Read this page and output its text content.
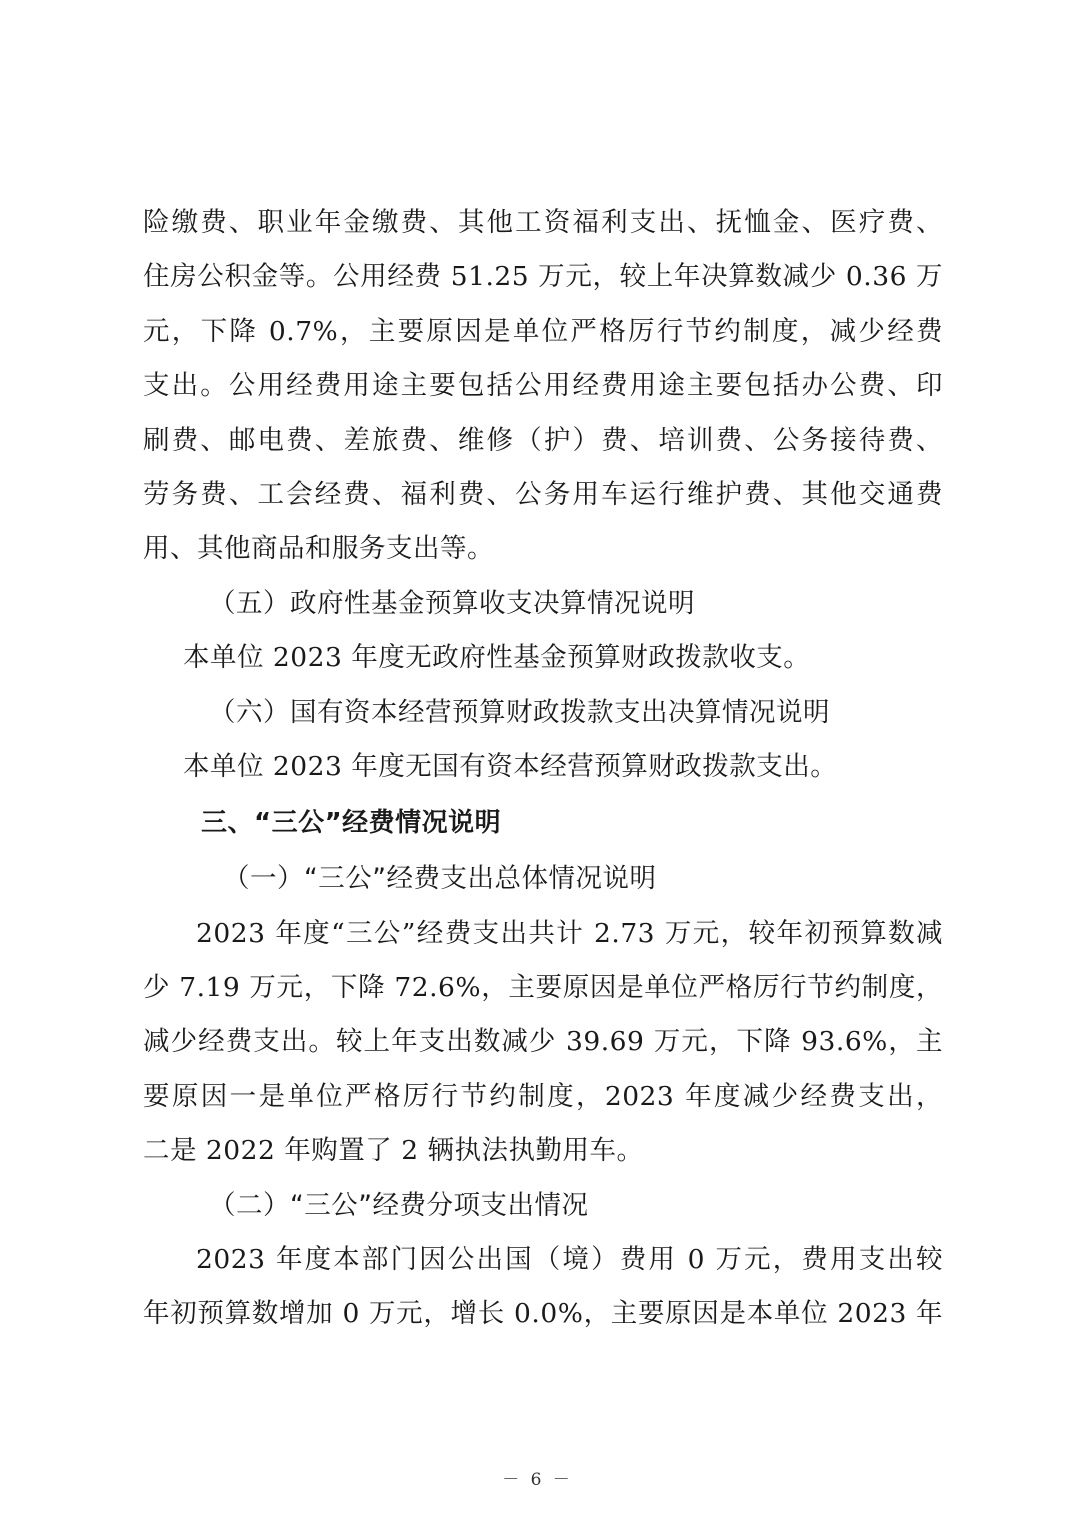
险缴费、职业年金缴费、其他工资福利支出、抚恤金、医疗费、
住房公积金等。公用经费 51.25 万元，较上年决算数减少 0.36 万
元，下降 0.7%，主要原因是单位严格厉行节约制度，减少经费
支出。公用经费用途主要包括公用经费用途主要包括办公费、印
刷费、邮电费、差旅费、维修（护）费、培训费、公务接待费、
劳务费、工会经费、福利费、公务用车运行维护费、其他交通费
用、其他商品和服务支出等。
（五）政府性基金预算收支决算情况说明
本单位 2023 年度无政府性基金预算财政拨款收支。
（六）国有资本经营预算财政拨款支出决算情况说明
本单位 2023 年度无国有资本经营预算财政拨款支出。
三、“三公”经费情况说明
（一）“三公”经费支出总体情况说明
2023 年度“三公”经费支出共计 2.73 万元，较年初预算数减
少 7.19 万元，下降 72.6%，主要原因是单位严格厉行节约制度，
减少经费支出。较上年支出数减少 39.69 万元，下降 93.6%，主
要原因一是单位严格厉行节约制度，2023 年度减少经费支出，
二是 2022 年购置了 2 辆执法执勤用车。
（二）“三公”经费分项支出情况
2023 年度本部门因公出国（境）费用 0 万元，费用支出较
年初预算数增加 0 万元，增长 0.0%，主要原因是本单位 2023 年
－ 6 －
